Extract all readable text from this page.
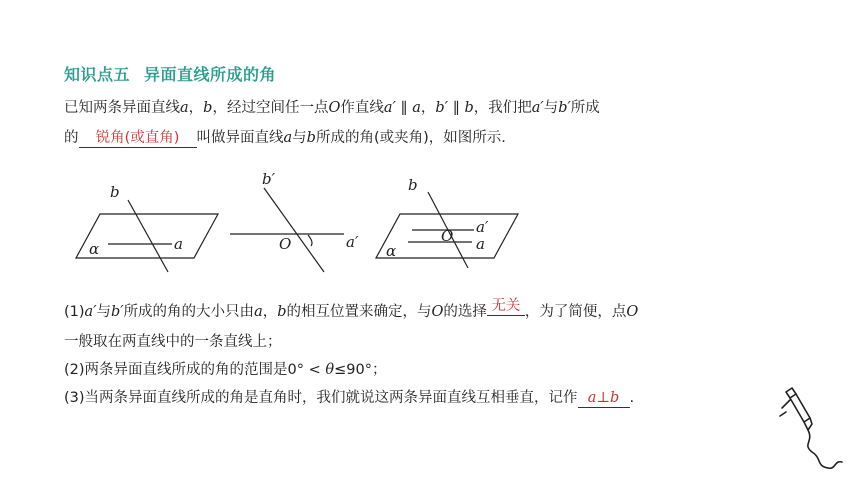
知识点五 异面直线所成的角
已知两条异面直线a，b，经过空间任一点O作直线a′ ∥ a，b′ ∥ b，我们把a′与b′所成
的 锐角(或直角) 叫做异面直线a与b所成的角(或夹角)，如图所示.
b
a
α
b′
O	a′
b
a′
O a
α
(1)a′与b′所成的角的大小只由a，b的相互位置来确定，与O的选择 无关 ，为了简便，点O
一般取在两直线中的一条直线上；
(2)两条异面直线所成的角的范围是0° < θ≤90°；
(3)当两条异面直线所成的角是直角时，我们就说这两条异面直线互相垂直，记作 a⊥b .
